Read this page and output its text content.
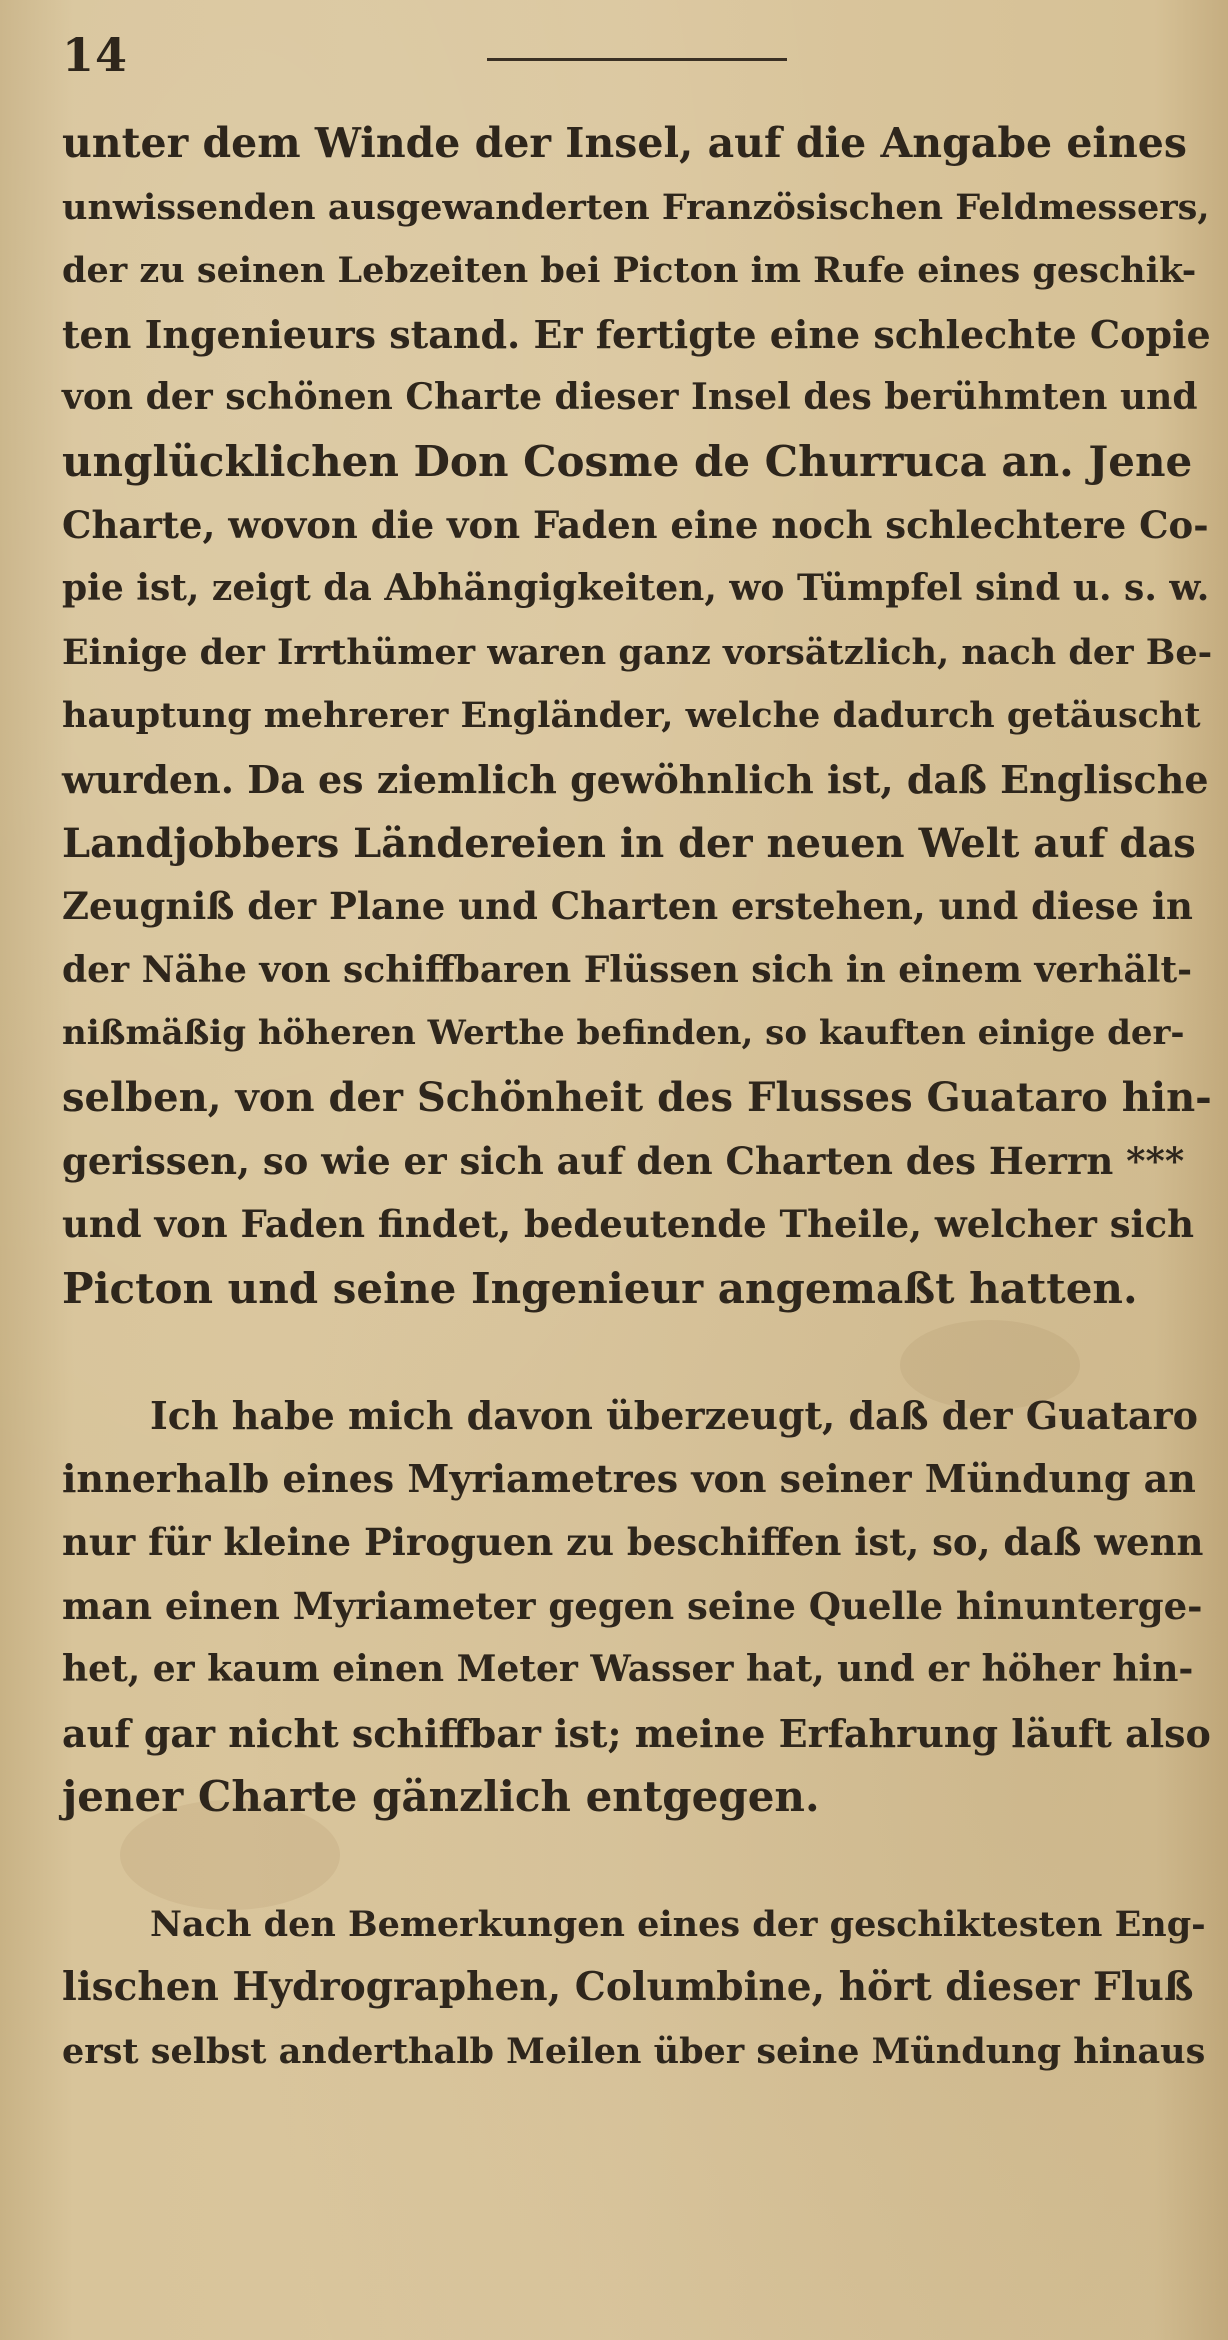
14
unter dem Winde der Insel, auf die Angabe eines
unwissenden ausgewanderten Französischen Feldmessers,
der zu seinen Lebzeiten bei Picton im Rufe eines geschik-
ten Ingenieurs stand. Er fertigte eine schlechte Copie
von der schönen Charte dieser Insel des berühmten und
unglücklichen Don Cosme de Churruca an. Jene
Charte, wovon die von Faden eine noch schlechtere Co-
pie ist, zeigt da Abhängigkeiten, wo Tümpfel sind u. s. w.
Einige der Irrthümer waren ganz vorsätzlich, nach der Be-
hauptung mehrerer Engländer, welche dadurch getäuscht
wurden. Da es ziemlich gewöhnlich ist, daß Englische
Landjobbers Ländereien in der neuen Welt auf das
Zeugniß der Plane und Charten erstehen, und diese in
der Nähe von schiffbaren Flüssen sich in einem verhält-
nißmäßig höheren Werthe befinden, so kauften einige der-
selben, von der Schönheit des Flusses Guataro hin-
gerissen, so wie er sich auf den Charten des Herrn ***
und von Faden findet, bedeutende Theile, welcher sich
Picton und seine Ingenieur angemaßt hatten.
Ich habe mich davon überzeugt, daß der Guataro
innerhalb eines Myriametres von seiner Mündung an
nur für kleine Piroguen zu beschiffen ist, so, daß wenn
man einen Myriameter gegen seine Quelle hinunterge-
het, er kaum einen Meter Wasser hat, und er höher hin-
auf gar nicht schiffbar ist; meine Erfahrung läuft also
jener Charte gänzlich entgegen.
Nach den Bemerkungen eines der geschiktesten Eng-
lischen Hydrographen, Columbine, hört dieser Fluß
erst selbst anderthalb Meilen über seine Mündung hinaus
